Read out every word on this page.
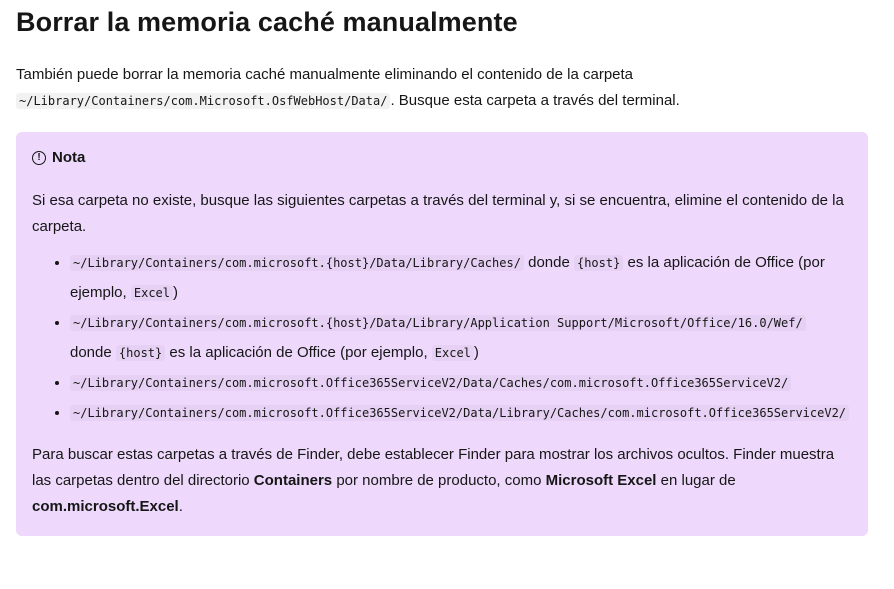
Borrar la memoria caché manualmente

También puede borrar la memoria caché manualmente eliminando el contenido de la carpeta
~/Library/Containers/com.Microsoft.OsfWebHost/Data/ . Busque esta carpeta a través del terminal.

! Nota

Si esa carpeta no existe, busque las siguientes carpetas a través del terminal y, si se encuentra, elimine el contenido de la carpeta.

• ~/Library/Containers/com.microsoft.{host}/Data/Library/Caches/ donde {host} es la aplicación de Office (por ejemplo, Excel )
• ~/Library/Containers/com.microsoft.{host}/Data/Library/Application Support/Microsoft/Office/16.0/Wef/
donde {host} es la aplicación de Office (por ejemplo, Excel )
• ~/Library/Containers/com.microsoft.Office365ServiceV2/Data/Caches/com.microsoft.Office365ServiceV2/
• ~/Library/Containers/com.microsoft.Office365ServiceV2/Data/Library/Caches/com.microsoft.Office365ServiceV2/

Para buscar estas carpetas a través de Finder, debe establecer Finder para mostrar los archivos ocultos. Finder muestra las carpetas dentro del directorio Containers por nombre de producto, como Microsoft Excel en lugar de com.microsoft.Excel.
